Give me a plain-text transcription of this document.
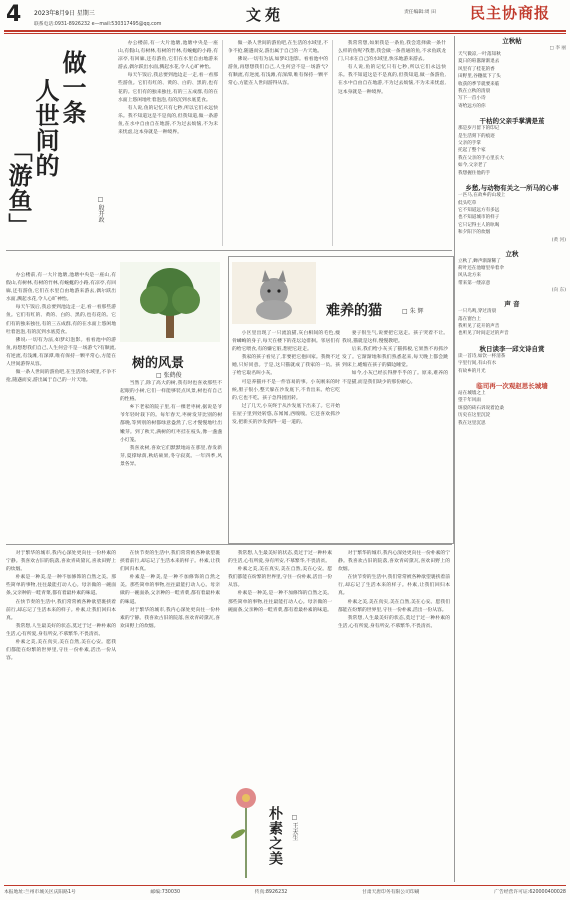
4 2023年8月9日 星期三
联系电话:0931-8926232 e—mail:530317495@qq.com
文苑	责任编辑:周 田 民主协商报
做一条
人世间的
「游鱼」	□ 殷开政

办公楼前,有一大片池塘,池塘中央是一座山,有假山,有树林,有树的竹林,有蜿蜒的小路,有凉亭,有回廊,还有游鱼,它们在水里自由地游来游去,偶尔跃出水面,溅起水花,令人心旷神怡。

每天午饭后,我总要到池边走一走,看一看那些游鱼。它们有红的、黄的、白的、黑的,也有花的。它们有的独来独往,有的三五成群,有的在水面上悠闲地吐着泡泡,有的沉到水底觅食。

有人说,鱼的记忆只有七秒,所以它们永远快乐。我不知道这是不是真的,但我知道,做一条游鱼,在水中自由自在地游,不为过去烦恼,不为未来忧虑,这本身就是一种境界。

做一条人世间的游鱼吧,在生活的水域里,不争不抢,随遇而安,游出属于自己的一片天地。

佛说:一切有为法,如梦幻泡影。看看池中的游鱼,再想想我们自己,人生何尝不是一场游弋?有顺流,有逆流,有浅滩,有深潭,唯有保持一颗平常心,方能在人世间游得从容。

我常常想,如果我是一条鱼,我会选择做一条什么样的鱼呢?我想,我会做一条普通的鱼,不求鱼跃龙门,只求在自己的水域里,快乐地游来游去。

有人说,鱼的记忆只有七秒,所以它们永远快乐。我不知道这是不是真的,但我知道,做一条游鱼,在水中自由自在地游,不为过去烦恼,不为未来忧虑,这本身就是一种境界。

办公楼前,有一大片池塘,池塘中央是一座山,有假山,有树林,有树的竹林,有蜿蜒的小路,有凉亭,有回廊,还有游鱼,它们在水里自由地游来游去,偶尔跃出水面,溅起水花,令人心旷神怡。

每天午饭后,我总要到池边走一走,看一看那些游鱼。它们有红的、黄的、白的、黑的,也有花的。它们有的独来独往,有的三五成群,有的在水面上悠闲地吐着泡泡,有的沉到水底觅食。

佛说:一切有为法,如梦幻泡影。看看池中的游鱼,再想想我们自己,人生何尝不是一场游弋?有顺流,有逆流,有浅滩,有深潭,唯有保持一颗平常心,方能在人世间游得从容。

做一条人世间的游鱼吧,在生活的水域里,不争不抢,随遇而安,游出属于自己的一片天地。

难养的猫	□ 朱 辉

小区里出现了一只流浪猫,灰白相间的毛色,瘦骨嶙峋的身子,每天在楼下的花坛边徘徊。邻居们有的给它喂食,有的嫌它脏,想把它赶走。

我家的孩子看见了,非要把它抱回家。我拗不过她,只好同意。于是,这只猫就成了我家的一员。孩子给它取名叫小灰。

可是养猫并不是一件容易的事。小灰刚来的时候,胆子很小,整天躲在沙发底下,不肯出来。给它吃的,它也不吃。孩子急得团团转。

过了几天,小灰终于从沙发底下出来了。它开始在屋子里到处转悠,东闻闻,西嗅嗅。它还喜欢抓沙发,把新买的沙发抓得一道一道的。

妻子很生气,说要把它送走。孩子哭着不让。我说,猫就是这样,慢慢教吧。

后来,我们给小灰买了猫抓板,它果然不再抓沙发了。它渐渐地和我们熟悉起来,每天晚上都会跳到床上,蜷缩在孩子的脚边睡觉。

如今,小灰已经长得胖乎乎的了。原来,难养的不是猫,而是我们缺少的那份耐心。

树的风景
□ 张鹤俊

当然了,除了高大的树,我有时也喜欢那些不起眼的小树,它们一样能够装点风景,树也有自己的性格。

乡下老家的院子里,有一棵老枣树,据说是爷爷年轻时栽下的。每年春天,枣树发芽比别的树都晚,等到别的树都绿意盎然了,它才慢慢地吐出嫩芽。到了秋天,满树的红枣挂在枝头,像一盏盏小灯笼。

我喜欢树,喜欢它们默默地站在那里,春发新芽,夏撑绿荫,秋结硕果,冬守寂寞。一年四季,风景各异。

对于繁华的城市,我内心深处更向往一份朴素的宁静。我喜欢古旧的院落,喜欢青砖黛瓦,喜欢田野上的炊烟。

朴素是一种美,是一种不加修饰的自然之美。那些简单的事物,往往最能打动人心。母亲做的一碗面条,父亲种的一畦青菜,都有着最朴素的味道。

在快节奏的生活中,我们常常被各种欲望裹挟着前行,却忘记了生活本来的样子。朴素,让我们回归本真。

我常想,人生最美好的状态,莫过于过一种朴素的生活,心有所爱,身有所安,不慕繁华,不畏清贫。

朴素之美,美在真实,美在自然,美在心安。愿我们都能在纷繁的世界里,守住一份朴素,活出一份从容。

在快节奏的生活中,我们常常被各种欲望裹挟着前行,却忘记了生活本来的样子。朴素,让我们回归本真。

朴素是一种美,是一种不加修饰的自然之美。那些简单的事物,往往最能打动人心。母亲做的一碗面条,父亲种的一畦青菜,都有着最朴素的味道。

对于繁华的城市,我内心深处更向往一份朴素的宁静。我喜欢古旧的院落,喜欢青砖黛瓦,喜欢田野上的炊烟。

朴素之美 □ 王天生

我常想,人生最美好的状态,莫过于过一种朴素的生活,心有所爱,身有所安,不慕繁华,不畏清贫。

朴素之美,美在真实,美在自然,美在心安。愿我们都能在纷繁的世界里,守住一份朴素,活出一份从容。

朴素是一种美,是一种不加修饰的自然之美。那些简单的事物,往往最能打动人心。母亲做的一碗面条,父亲种的一畦青菜,都有着最朴素的味道。

对于繁华的城市,我内心深处更向往一份朴素的宁静。我喜欢古旧的院落,喜欢青砖黛瓦,喜欢田野上的炊烟。

在快节奏的生活中,我们常常被各种欲望裹挟着前行,却忘记了生活本来的样子。朴素,让我们回归本真。

朴素之美,美在真实,美在自然,美在心安。愿我们都能在纷繁的世界里,守住一份朴素,活出一份从容。

我常想,人生最美好的状态,莫过于过一种朴素的生活,心有所爱,身有所安,不慕繁华,不畏清贫。

立秋帖
□ 李 丽

天气微凉,一叶落知秋

夏日的喧嚣渐渐退去

风里有了桂花的香

田野里,谷穗低下了头

收获的季节就要来临

我在立秋的清晨

写下一首小诗

寄给远方的你

干枯的父亲手掌满是茧

那是岁月留下的印记

是生活刻下的痕迹

父亲的手掌

托起了整个家

我在父亲的手心里长大

如今,父亲老了

我想握住他的手

乡愁,与动物有关之一所马的心事

一匹马,在故乡的山坡上

低头吃草

它不知道远方有多远

也不知道城市的样子

它只记得主人的吆喝

和夕阳下的炊烟

(黄 河)
立秋

立秋了,蝉声渐渐稀了

荷叶还在池塘里举着伞

风从北方来

带来第一缕凉意

(向 东)
声 音

一只鸟鸣,穿过清晨

落在窗台上

我听见了花开的声音

也听见了时间走过的声音

秋日读李一邱文诗自赏

读一首诗,如饮一杯清茶

字里行间,有山有水

有故乡的月光

临司再一次观赵思长城墙

站在城墙之上

望千年风雨

斑驳的砖石诉说着沧桑

历史在这里沉淀

我在这里沉思

本报地址:兰州市城关区庆阳路1号	邮编:730030	传真:8926232	甘肃天唐印务有限公司印刷	广告经营许可证:620000400028
